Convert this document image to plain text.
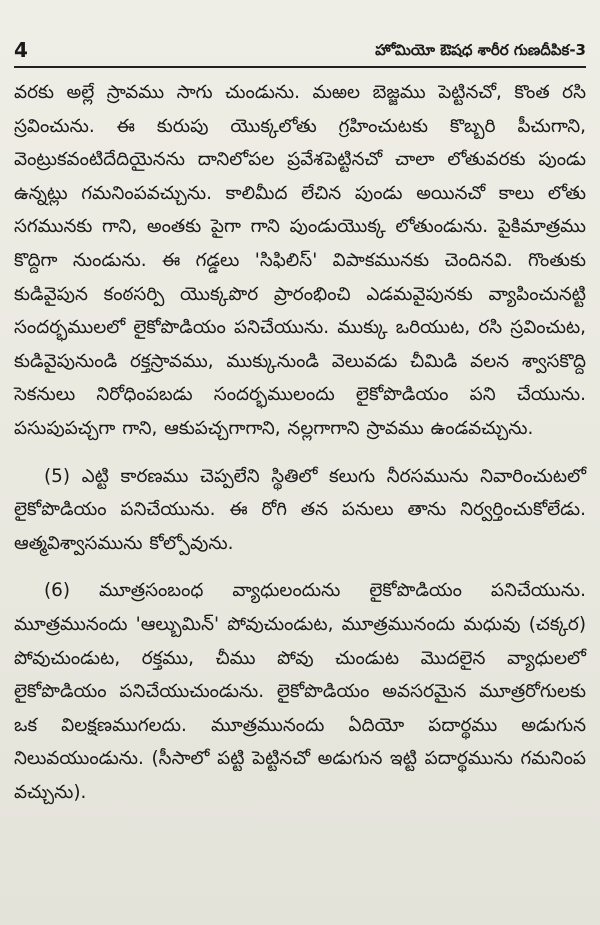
4	హోమియో ఔషధ శారీర గుణదీపిక-3

వరకు అల్లే స్రావము సాగు చుండును. మఱల బెజ్జము పెట్టినచో, కొంత రసి స్రవించును. ఈ కురుపు యొక్కలోతు గ్రహించుటకు కొబ్బరి పీచుగాని, వెంట్రుకవంటిదేదియైనను దానిలోపల ప్రవేశపెట్టినచో చాలా లోతువరకు పుండు ఉన్నట్లు గమనింపవచ్చును. కాలిమీద లేచిన పుండు అయినచో కాలు లోతు సగమునకు గాని, అంతకు పైగా గాని పుండుయొక్క లోతుండును. పైకిమాత్రము కొద్దిగా నుండును. ఈ గడ్డలు 'సిఫిలిస్' విపాకమునకు చెందినవి. గొంతుకు కుడివైపున కంఠసర్పి యొక్కపొర ప్రారంభించి ఎడమవైపునకు వ్యాపించునట్టి సందర్భములలో లైకోపొడియం పనిచేయును. ముక్కు ఒరియుట, రసి స్రవించుట, కుడివైపునుండి రక్తస్రావము, ముక్కునుండి వెలువడు చీమిడి వలన శ్వాసకొద్ది సెకనులు నిరోధింపబడు సందర్భములందు లైకోపొడియం పని చేయును. పసుపుపచ్చగా గాని, ఆకుపచ్చగాగాని, నల్లగాగాని స్రావము ఉండవచ్చును.

(5) ఎట్టి కారణము చెప్పలేని స్థితిలో కలుగు నీరసమును నివారించుటలో లైకోపొడియం పనిచేయును. ఈ రోగి తన పనులు తాను నిర్వర్తించుకోలేడు. ఆత్మవిశ్వాసమును కోల్పోవును.

(6) మూత్రసంబంధ వ్యాధులందును లైకోపొడియం పనిచేయును. మూత్రమునందు 'ఆల్బుమిన్' పోవుచుండుట, మూత్రమునందు మధువు (చక్కర) పోవుచుండుట, రక్తము, చీము పోవు చుండుట మొదలైన వ్యాధులలో లైకోపొడియం పనిచేయుచుండును. లైకోపొడియం అవసరమైన మూత్రరోగులకు ఒక విలక్షణముగలదు. మూత్రమునందు ఏదియో పదార్థము అడుగున నిలువయుండును. (సీసాలో పట్టి పెట్టినచో అడుగున ఇట్టి పదార్థమును గమనింప వచ్చును).
